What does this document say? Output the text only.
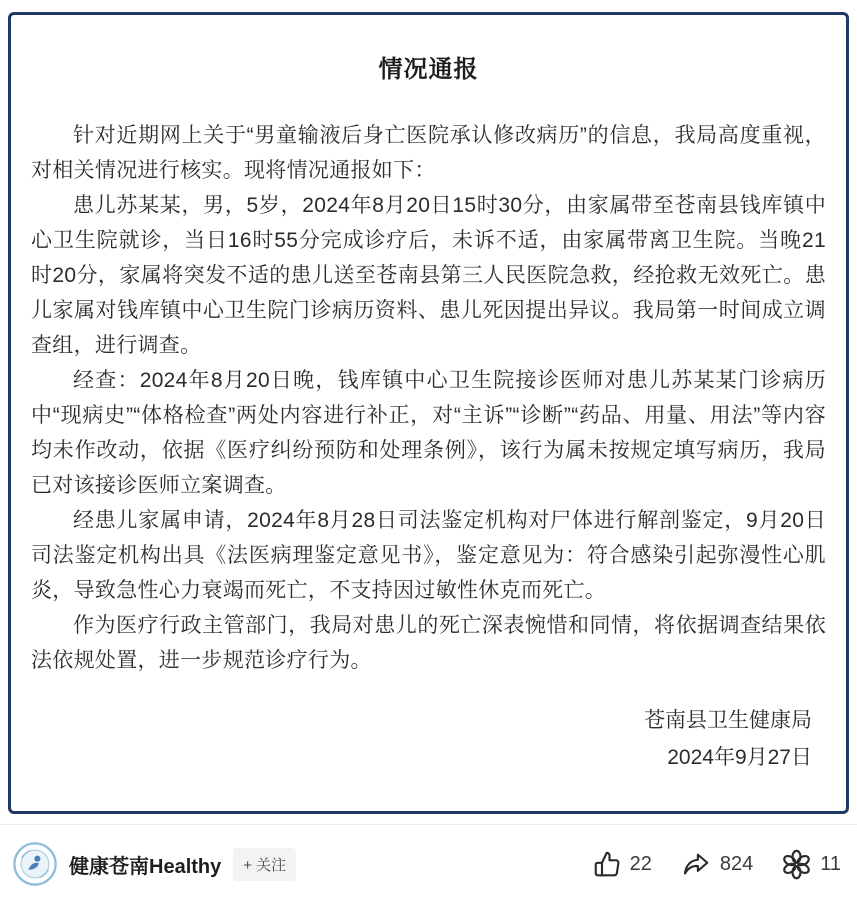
情况通报

针对近期网上关于“男童输液后身亡医院承认修改病历”的信息，我局高度重视，对相关情况进行核实。现将情况通报如下：

患儿苏某某，男，5岁，2024年8月20日15时30分，由家属带至苍南县钱库镇中心卫生院就诊，当日16时55分完成诊疗后，未诉不适，由家属带离卫生院。当晚21时20分，家属将突发不适的患儿送至苍南县第三人民医院急救，经抢救无效死亡。患儿家属对钱库镇中心卫生院门诊病历资料、患儿死因提出异议。我局第一时间成立调查组，进行调查。

经查：2024年8月20日晚，钱库镇中心卫生院接诊医师对患儿苏某某门诊病历中“现病史”“体格检查”两处内容进行补正，对“主诉”“诊断”“药品、用量、用法”等内容均未作改动，依据《医疗纠纷预防和处理条例》，该行为属未按规定填写病历，我局已对该接诊医师立案调查。

经患儿家属申请，2024年8月28日司法鉴定机构对尸体进行解剖鉴定，9月20日司法鉴定机构出具《法医病理鉴定意见书》，鉴定意见为：符合感染引起弥漫性心肌炎，导致急性心力衰竭而死亡，不支持因过敏性休克而死亡。

作为医疗行政主管部门，我局对患儿的死亡深表惋惜和同情，将依据调查结果依法依规处置，进一步规范诊疗行为。

苍南县卫生健康局
2024年9月27日
健康苍南Healthy	+ 关注	22	824	11
